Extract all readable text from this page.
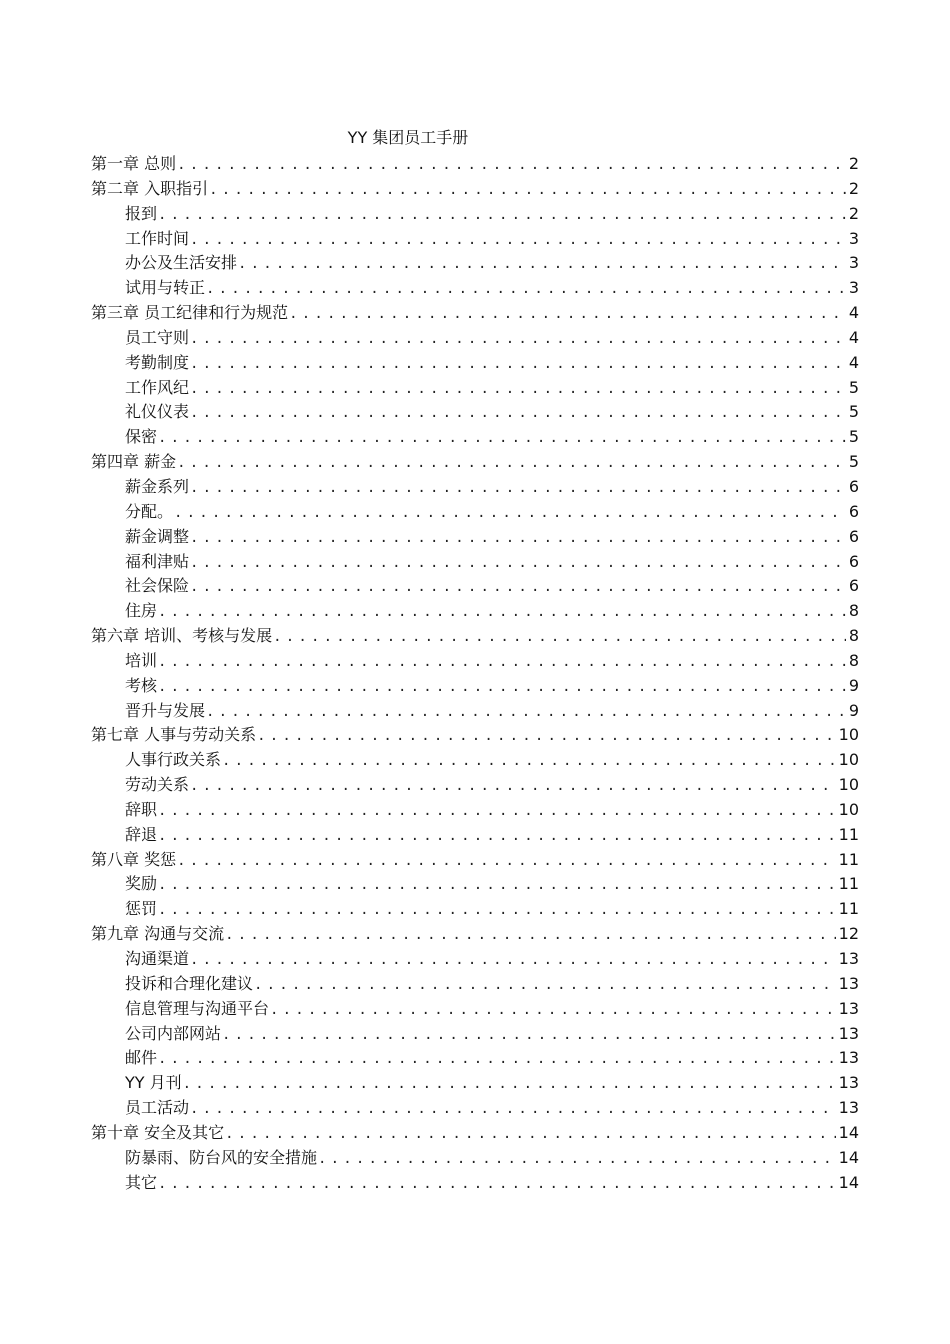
YY 集团员工手册
第一章 总则 .....	2
第二章 入职指引 .....	2
报到 .....	2
工作时间 .....	3
办公及生活安排 .....	3
试用与转正 .....	3
第三章 员工纪律和行为规范 .....	4
员工守则 .....	4
考勤制度 .....	4
工作风纪 .....	5
礼仪仪表 .....	5
保密 .....	5
第四章 薪金 .....	5
薪金系列 .....	6
分配。 .....	6
薪金调整 .....	6
福利津贴 .....	6
社会保险 .....	6
住房 .....	8
第六章 培训、考核与发展 .....	8
培训 .....	8
考核 .....	9
晋升与发展 .....	9
第七章 人事与劳动关系 .....	10
人事行政关系 .....	10
劳动关系 .....	10
辞职 .....	10
辞退 .....	11
第八章 奖惩 .....	11
奖励 .....	11
惩罚 .....	11
第九章 沟通与交流 .....	12
沟通渠道 .....	13
投诉和合理化建议 .....	13
信息管理与沟通平台 .....	13
公司内部网站 .....	13
邮件 .....	13
YY 月刊 .....	13
员工活动 .....	13
第十章 安全及其它 .....	14
防暴雨、防台风的安全措施 .....	14
其它 .....	14
